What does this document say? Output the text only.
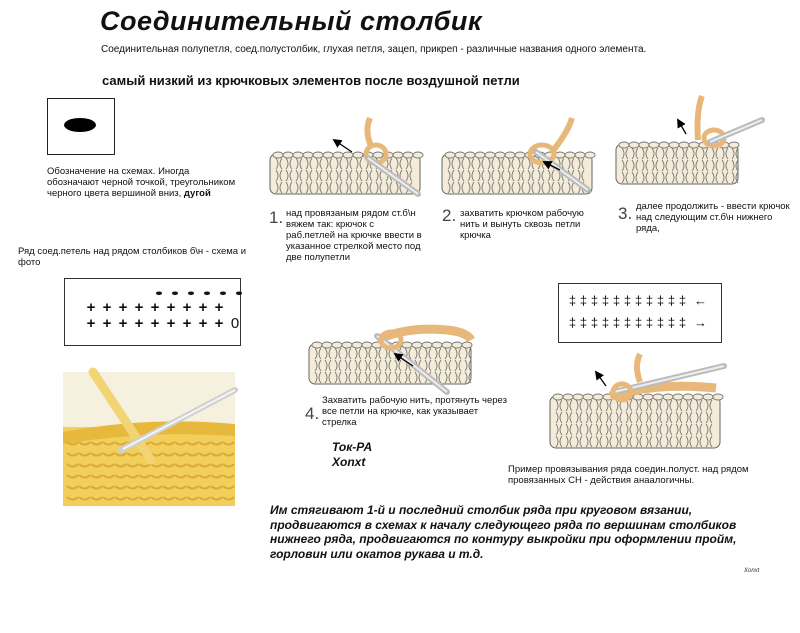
Соединительный столбик
Соединительная полупетля, соед.полустолбик, глухая петля, зацеп, прикреп - различные названия одного элемента.
самый низкий из крючковых элементов после воздушной петли
Обозначение на схемах. Иногда
обозначают черной точкой, треугольником
черного цвета вершиной вниз, дугой
Ряд соед.петель над рядом столбиков б\н - схема и
фото
• • • • • •
+ + + + + + + + +
+ + + + + + + + + 0
‡ ‡ ‡ ‡ ‡ ‡ ‡ ‡ ‡ ‡ ‡ ←
‡ ‡ ‡ ‡ ‡ ‡ ‡ ‡ ‡ ‡ ‡ →
1. над провязаным рядом ст.б\н
вяжем так: крючок с
раб.петлей на крючке ввести в
указанное стрелкой место под
две полупетли
2. захватить крючком рабочую
нить и вынуть сквозь петли
крючка
3. далее продолжить - ввести крючок
над следующим ст.б\н нижнего
ряда,
4.
Захватить рабочую нить, протянуть через
все петли на крючке, как указывает
стрелка
Пример провязывания ряда соедин.полуст. над рядом
провязанных СН - действия анаалогичны.
Ток-РА
Xonxt
Им стягивают 1-й и последний столбик ряда при круговом вязании,
продвигаются в схемах к началу следующего ряда по вершинам столбиков
нижнего ряда, продвигаются по контуру выкройки при оформлении пройм,
горловин или окатов рукава и т.д.
Xonxt
